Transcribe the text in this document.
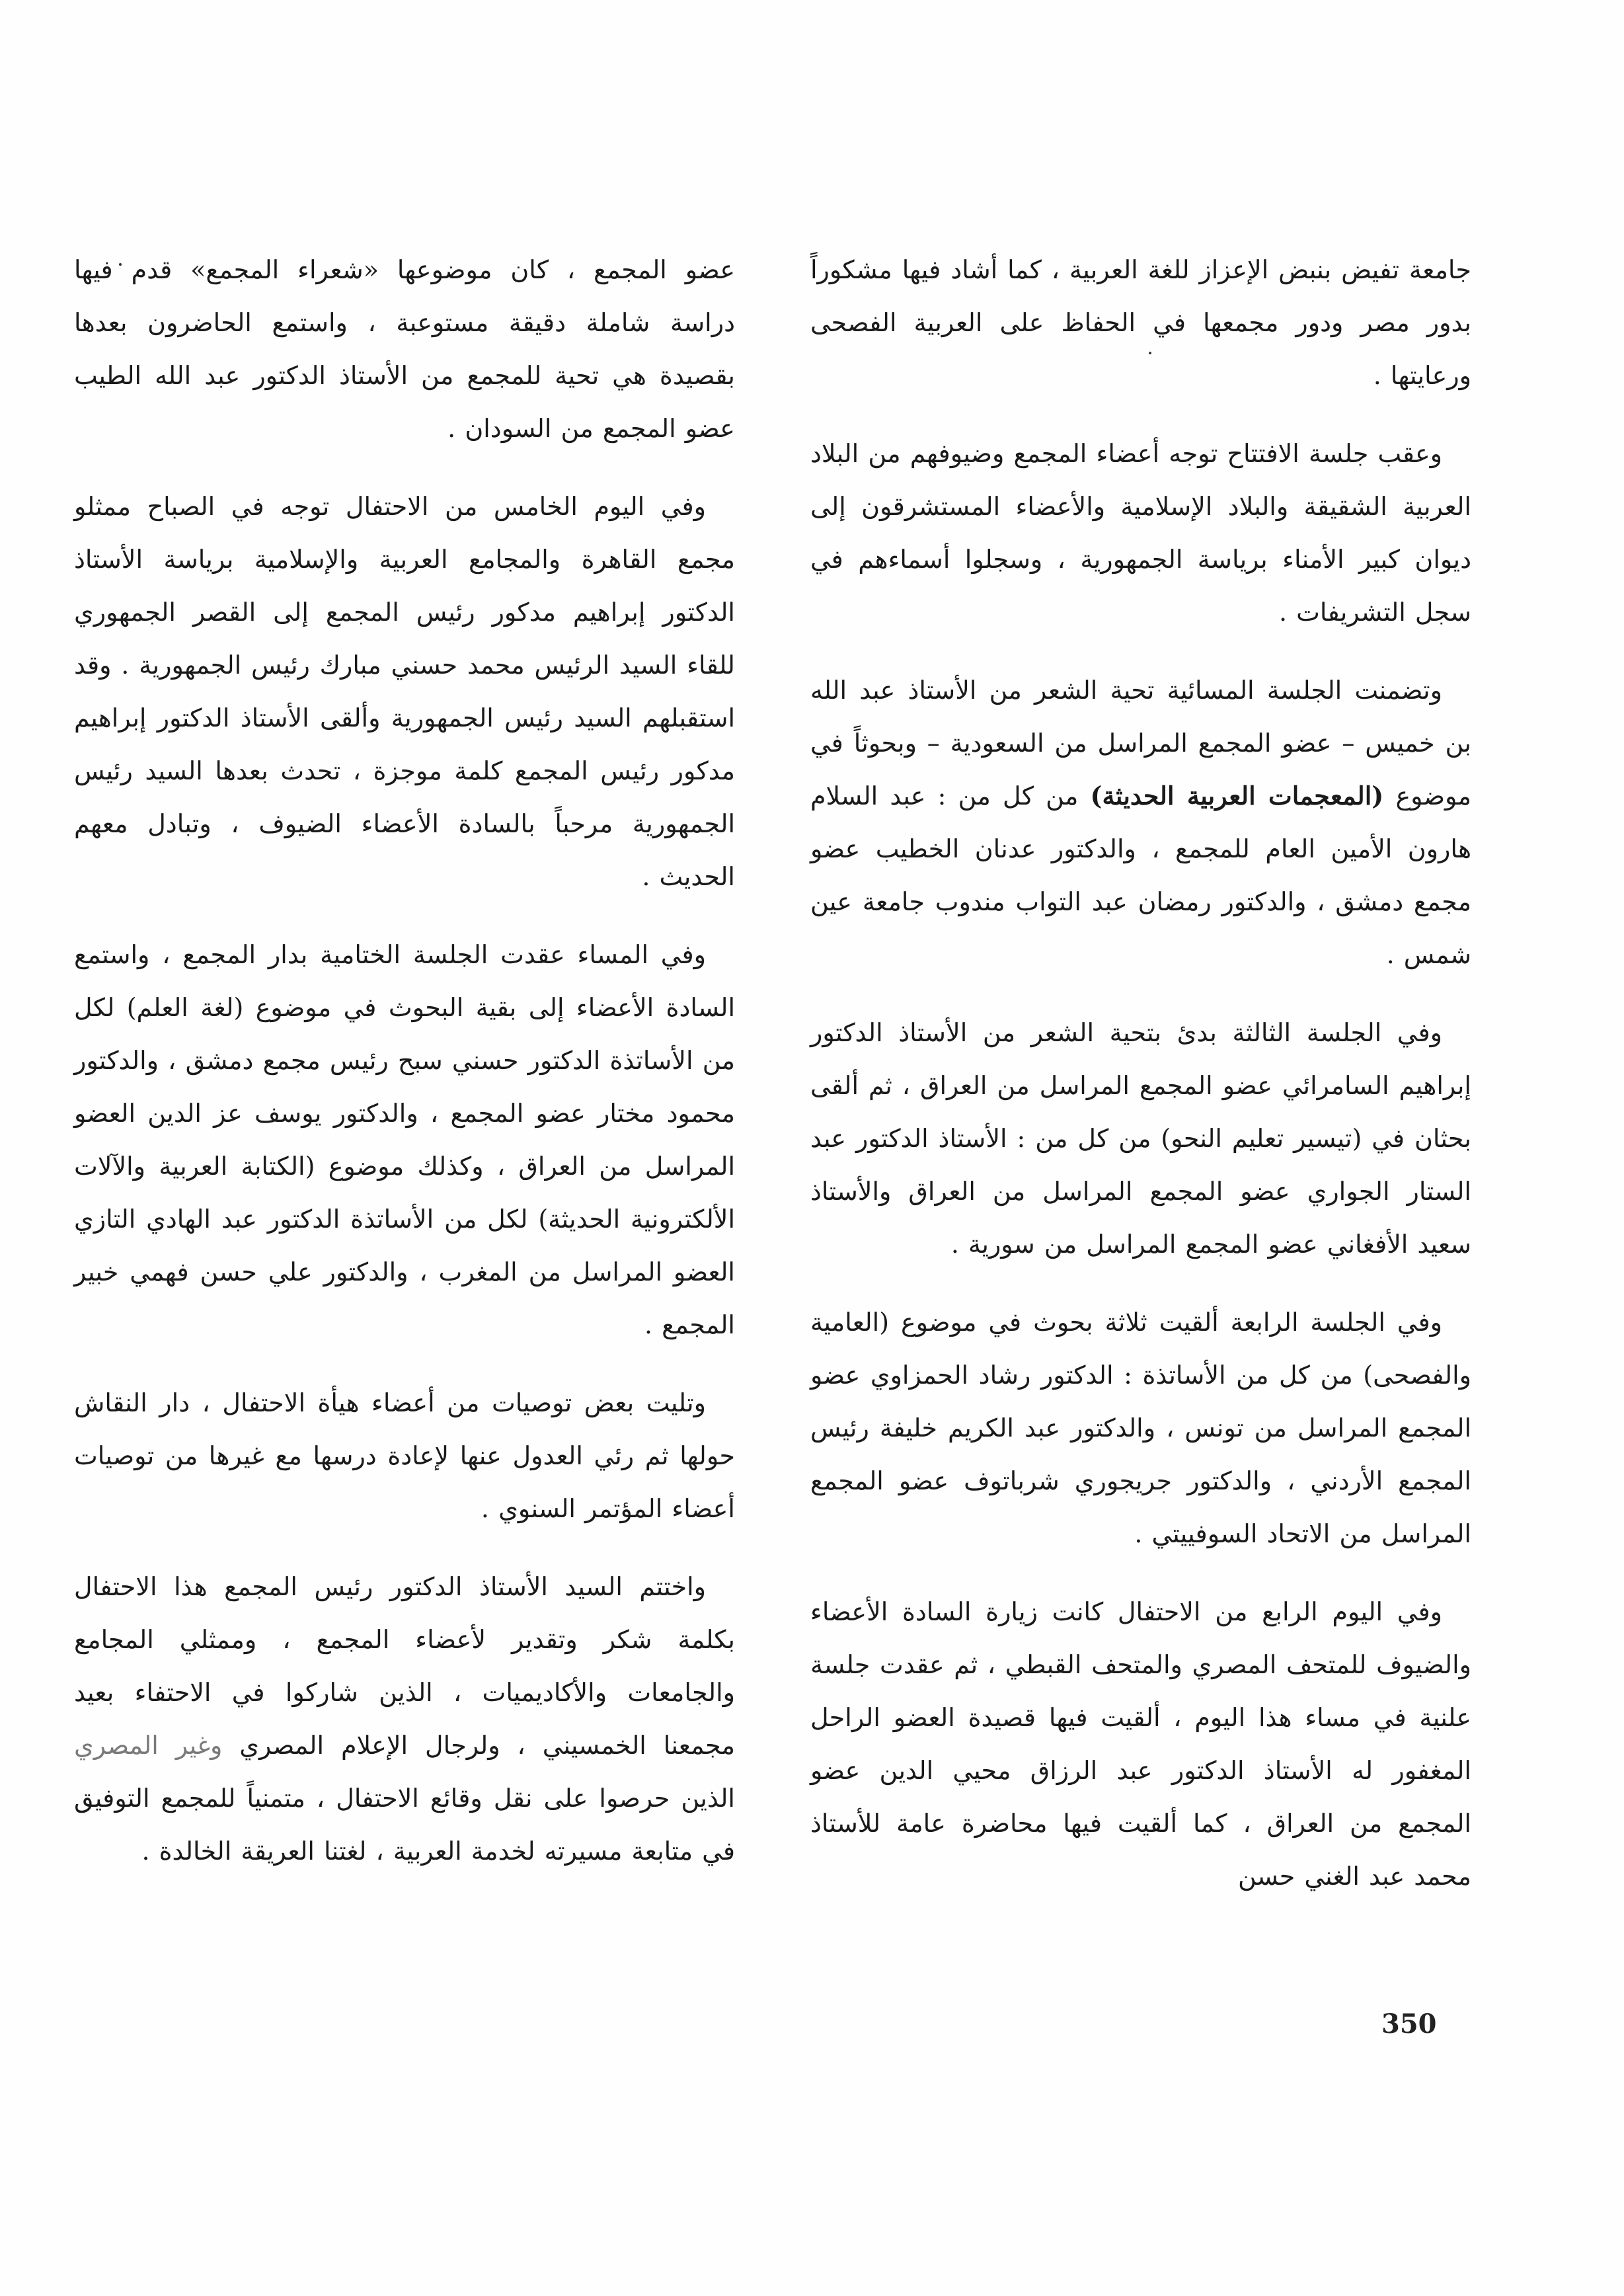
جامعة تفيض بنبض الإعزاز للغة العربية ، كما أشاد فيها مشكوراً بدور مصر ودور مجمعها في الحفاظ على العربية الفصحى ورعايتها .

وعقب جلسة الافتتاح توجه أعضاء المجمع وضيوفهم من البلاد العربية الشقيقة والبلاد الإسلامية والأعضاء المستشرقون إلى ديوان كبير الأمناء برياسة الجمهورية ، وسجلوا أسماءهم في سجل التشريفات .

وتضمنت الجلسة المسائية تحية الشعر من الأستاذ عبد الله بن خميس – عضو المجمع المراسل من السعودية – وبحوثاً في موضوع (المعجمات العربية الحديثة) من كل من : عبد السلام هارون الأمين العام للمجمع ، والدكتور عدنان الخطيب عضو مجمع دمشق ، والدكتور رمضان عبد التواب مندوب جامعة عين شمس .

وفي الجلسة الثالثة بدئ بتحية الشعر من الأستاذ الدكتور إبراهيم السامرائي عضو المجمع المراسل من العراق ، ثم ألقى بحثان في (تيسير تعليم النحو) من كل من : الأستاذ الدكتور عبد الستار الجواري عضو المجمع المراسل من العراق والأستاذ سعيد الأفغاني عضو المجمع المراسل من سورية .

وفي الجلسة الرابعة ألقيت ثلاثة بحوث في موضوع (العامية والفصحى) من كل من الأساتذة : الدكتور رشاد الحمزاوي عضو المجمع المراسل من تونس ، والدكتور عبد الكريم خليفة رئيس المجمع الأردني ، والدكتور جريجوري شرباتوف عضو المجمع المراسل من الاتحاد السوفييتي .

وفي اليوم الرابع من الاحتفال كانت زيارة السادة الأعضاء والضيوف للمتحف المصري والمتحف القبطي ، ثم عقدت جلسة علنية في مساء هذا اليوم ، ألقيت فيها قصيدة العضو الراحل المغفور له الأستاذ الدكتور عبد الرزاق محيي الدين عضو المجمع من العراق ، كما ألقيت فيها محاضرة عامة للأستاذ محمد عبد الغني حسن

عضو المجمع ، كان موضوعها «شعراء المجمع» قدم فيها دراسة شاملة دقيقة مستوعبة ، واستمع الحاضرون بعدها بقصيدة هي تحية للمجمع من الأستاذ الدكتور عبد الله الطيب عضو المجمع من السودان .

وفي اليوم الخامس من الاحتفال توجه في الصباح ممثلو مجمع القاهرة والمجامع العربية والإسلامية برياسة الأستاذ الدكتور إبراهيم مدكور رئيس المجمع إلى القصر الجمهوري للقاء السيد الرئيس محمد حسني مبارك رئيس الجمهورية . وقد استقبلهم السيد رئيس الجمهورية وألقى الأستاذ الدكتور إبراهيم مدكور رئيس المجمع كلمة موجزة ، تحدث بعدها السيد رئيس الجمهورية مرحباً بالسادة الأعضاء الضيوف ، وتبادل معهم الحديث .

وفي المساء عقدت الجلسة الختامية بدار المجمع ، واستمع السادة الأعضاء إلى بقية البحوث في موضوع (لغة العلم) لكل من الأساتذة الدكتور حسني سبح رئيس مجمع دمشق ، والدكتور محمود مختار عضو المجمع ، والدكتور يوسف عز الدين العضو المراسل من العراق ، وكذلك موضوع (الكتابة العربية والآلات الألكترونية الحديثة) لكل من الأساتذة الدكتور عبد الهادي التازي العضو المراسل من المغرب ، والدكتور علي حسن فهمي خبير المجمع .

وتليت بعض توصيات من أعضاء هيأة الاحتفال ، دار النقاش حولها ثم رئي العدول عنها لإعادة درسها مع غيرها من توصيات أعضاء المؤتمر السنوي .

واختتم السيد الأستاذ الدكتور رئيس المجمع هذا الاحتفال بكلمة شكر وتقدير لأعضاء المجمع ، وممثلي المجامع والجامعات والأكاديميات ، الذين شاركوا في الاحتفاء بعيد مجمعنا الخمسيني ، ولرجال الإعلام المصري وغير المصري الذين حرصوا على نقل وقائع الاحتفال ، متمنياً للمجمع التوفيق في متابعة مسيرته لخدمة العربية ، لغتنا العريقة الخالدة .

350
